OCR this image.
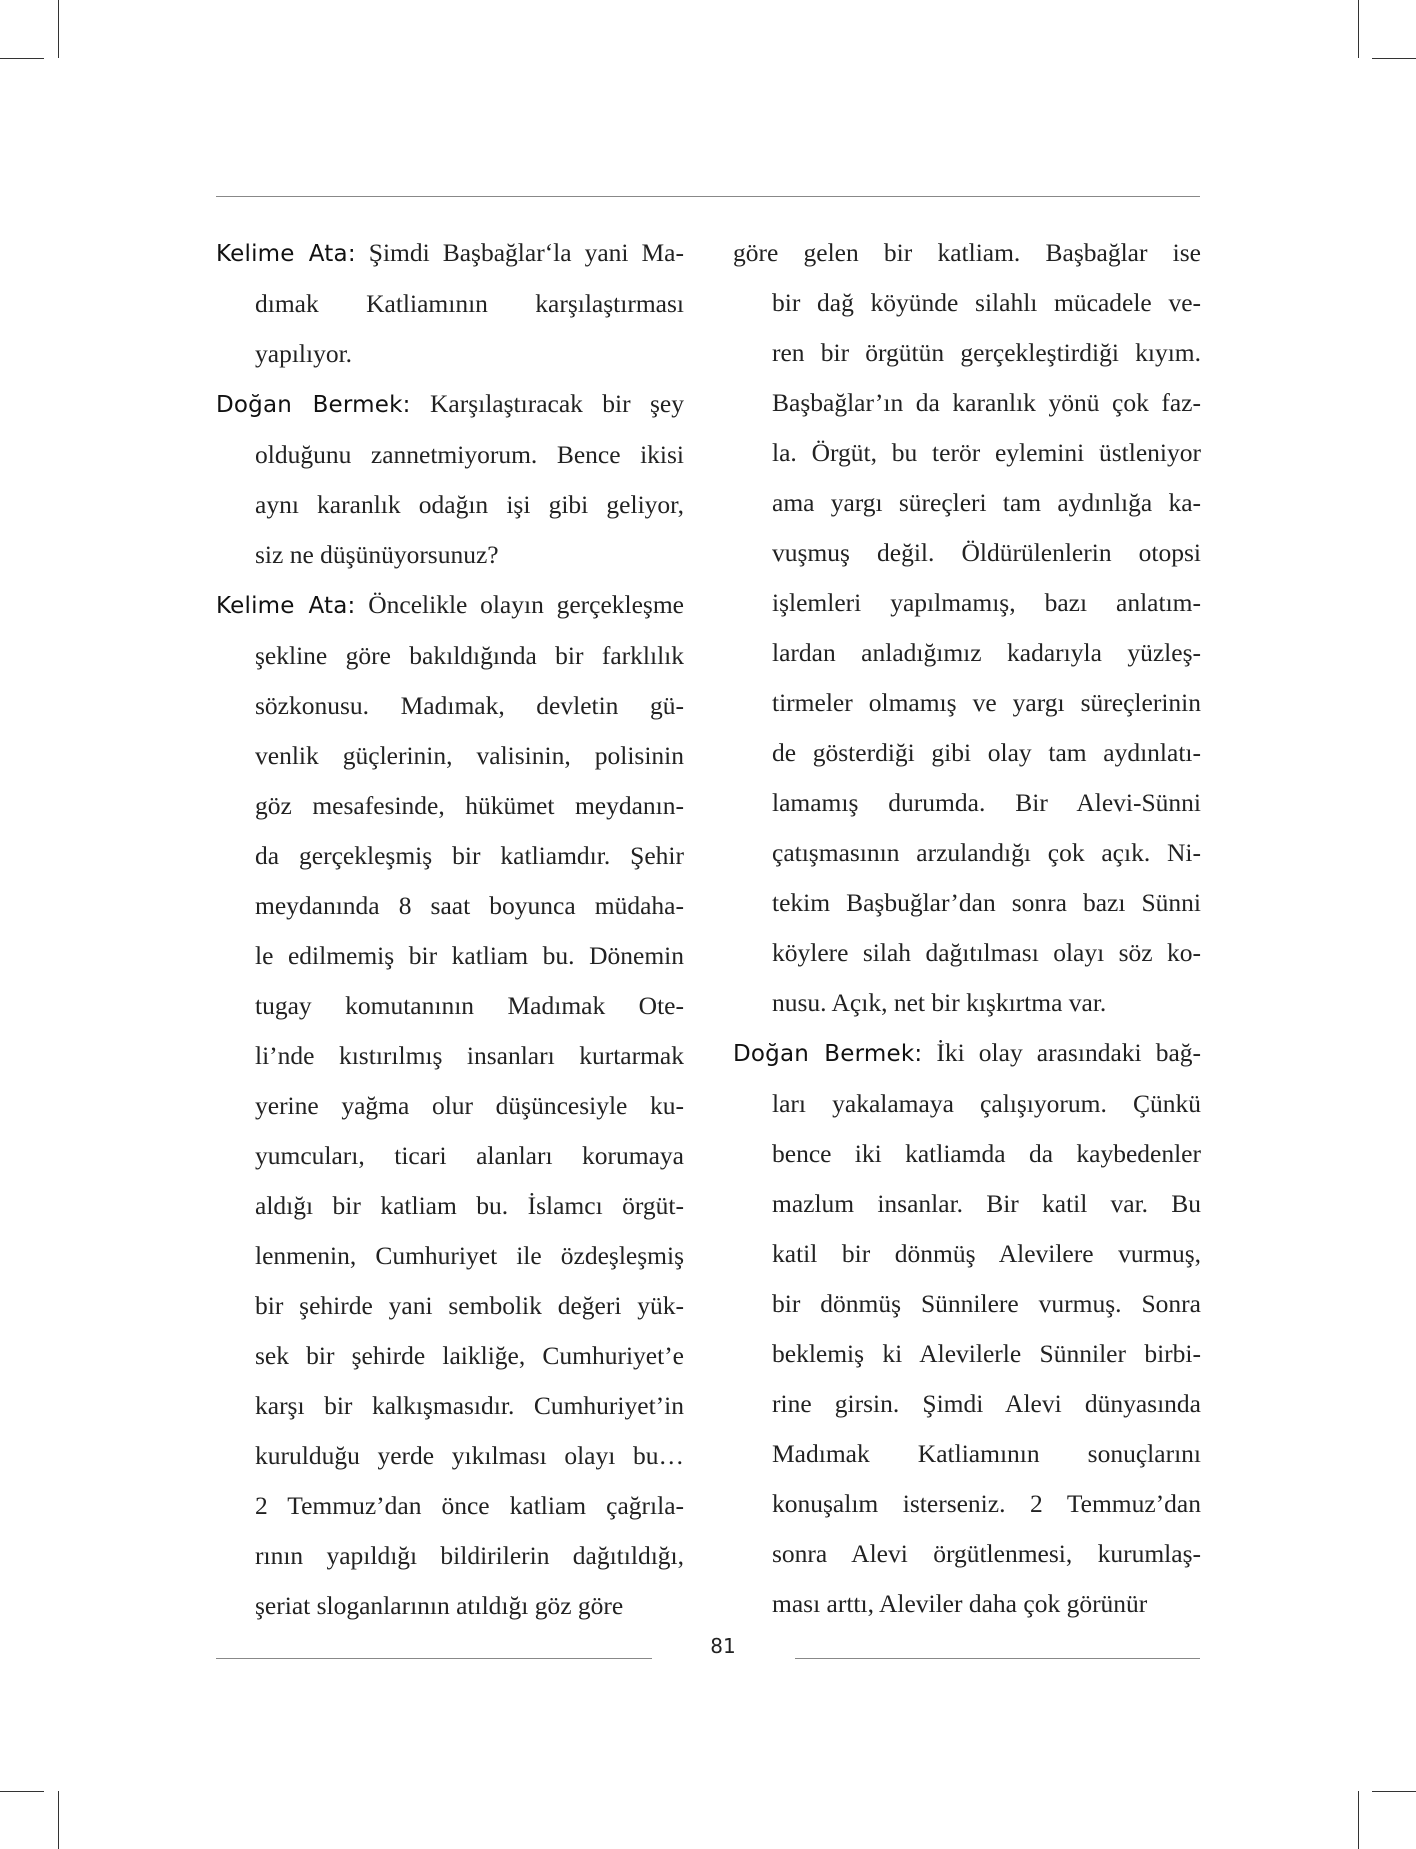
Kelime Ata: Şimdi Başbağlar‘la yani Ma-
dımak Katliamının karşılaştırması
yapılıyor.
Doğan Bermek: Karşılaştıracak bir şey
olduğunu zannetmiyorum. Bence ikisi
aynı karanlık odağın işi gibi geliyor,
siz ne düşünüyorsunuz?
Kelime Ata: Öncelikle olayın gerçekleşme
şekline göre bakıldığında bir farklılık
sözkonusu. Madımak, devletin gü-
venlik güçlerinin, valisinin, polisinin
göz mesafesinde, hükümet meydanın-
da gerçekleşmiş bir katliamdır. Şehir
meydanında 8 saat boyunca müdaha-
le edilmemiş bir katliam bu. Dönemin
tugay komutanının Madımak Ote-
li’nde kıstırılmış insanları kurtarmak
yerine yağma olur düşüncesiyle ku-
yumcuları, ticari alanları korumaya
aldığı bir katliam bu. İslamcı örgüt-
lenmenin, Cumhuriyet ile özdeşleşmiş
bir şehirde yani sembolik değeri yük-
sek bir şehirde laikliğe, Cumhuriyet’e
karşı bir kalkışmasıdır. Cumhuriyet’in
kurulduğu yerde yıkılması olayı bu…
2 Temmuz’dan önce katliam çağrıla-
rının yapıldığı bildirilerin dağıtıldığı,
şeriat sloganlarının atıldığı göz göre
göre gelen bir katliam. Başbağlar ise
bir dağ köyünde silahlı mücadele ve-
ren bir örgütün gerçekleştirdiği kıyım.
Başbağlar’ın da karanlık yönü çok faz-
la. Örgüt, bu terör eylemini üstleniyor
ama yargı süreçleri tam aydınlığa ka-
vuşmuş değil. Öldürülenlerin otopsi
işlemleri yapılmamış, bazı anlatım-
lardan anladığımız kadarıyla yüzleş-
tirmeler olmamış ve yargı süreçlerinin
de gösterdiği gibi olay tam aydınlatı-
lamamış durumda. Bir Alevi-Sünni
çatışmasının arzulandığı çok açık. Ni-
tekim Başbuğlar’dan sonra bazı Sünni
köylere silah dağıtılması olayı söz ko-
nusu. Açık, net bir kışkırtma var.
Doğan Bermek: İki olay arasındaki bağ-
ları yakalamaya çalışıyorum. Çünkü
bence iki katliamda da kaybedenler
mazlum insanlar. Bir katil var. Bu
katil bir dönmüş Alevilere vurmuş,
bir dönmüş Sünnilere vurmuş. Sonra
beklemiş ki Alevilerle Sünniler birbi-
rine girsin. Şimdi Alevi dünyasında
Madımak Katliamının sonuçlarını
konuşalım isterseniz. 2 Temmuz’dan
sonra Alevi örgütlenmesi, kurumlaş-
ması arttı, Aleviler daha çok görünür
81
